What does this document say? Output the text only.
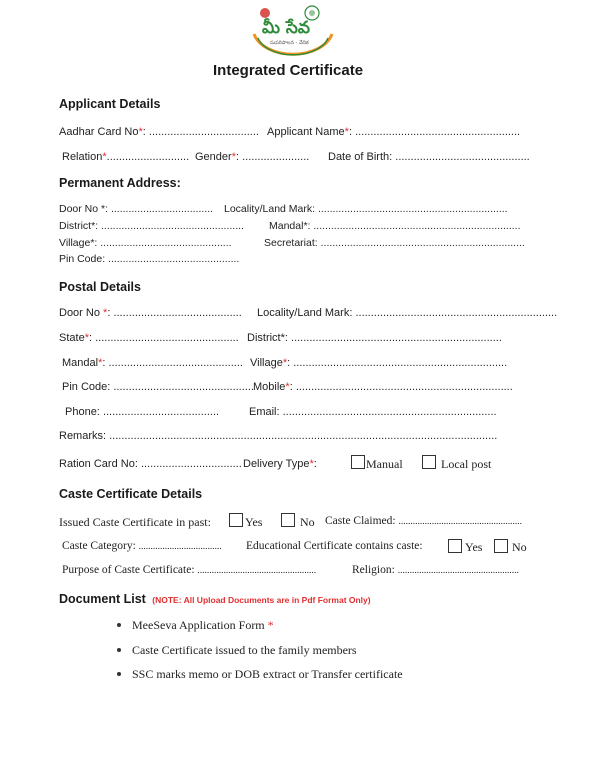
మీ సేవ
సుపరిపాలన - వేదిక
Integrated Certificate
Applicant Details
Aadhar Card No*: .................................... Applicant Name*: ......................................................
Relation*........................... Gender*: ...................... Date of Birth: ............................................
Permanent Address:
Door No *: ................................... Locality/Land Mark: .................................................................
District*: ................................................. Mandal*: .......................................................................
Village*: .............................................	Secretariat: ......................................................................
Pin Code: .............................................
Postal Details
Door No *: .......................................... Locality/Land Mark: ..................................................................
State*: ............................................... District*: .....................................................................
Mandal*: ............................................ Village*: ......................................................................
Pin Code: .............................................. Mobile*: .......................................................................
Phone: ......................................	Email: ......................................................................
Remarks: ...............................................................................................................................
Ration Card No: ................................. Delivery Type*:	Manual	Local post
Caste Certificate Details
Issued Caste Certificate in past:	Yes	No Caste Claimed: ....................................................
Caste Category: ................................... Educational Certificate contains caste:	Yes No
Purpose of Caste Certificate: ..................................................	Religion: ...................................................
Document List (NOTE: All Upload Documents are in Pdf Format Only)
MeeSeva Application Form *
Caste Certificate issued to the family members
SSC marks memo or DOB extract or Transfer certificate
